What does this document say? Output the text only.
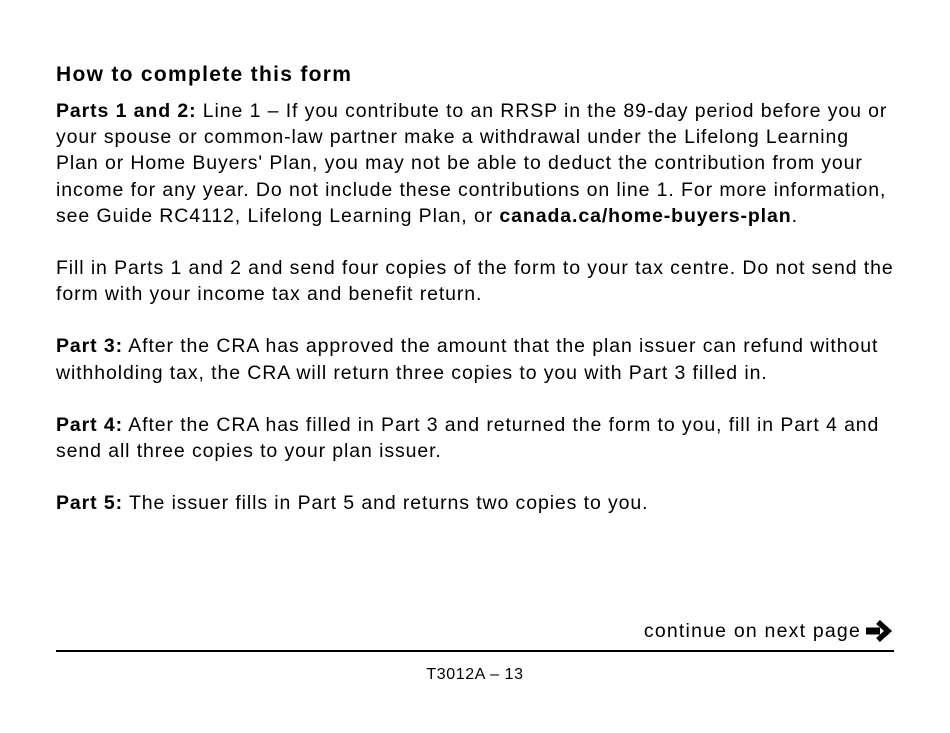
How to complete this form

Parts 1 and 2: Line 1 – If you contribute to an RRSP in the 89-day period before you or your spouse or common-law partner make a withdrawal under the Lifelong Learning Plan or Home Buyers' Plan, you may not be able to deduct the contribution from your income for any year. Do not include these contributions on line 1. For more information, see Guide RC4112, Lifelong Learning Plan, or canada.ca/home-buyers-plan.

Fill in Parts 1 and 2 and send four copies of the form to your tax centre. Do not send the form with your income tax and benefit return.

Part 3: After the CRA has approved the amount that the plan issuer can refund without withholding tax, the CRA will return three copies to you with Part 3 filled in.

Part 4: After the CRA has filled in Part 3 and returned the form to you, fill in Part 4 and send all three copies to your plan issuer.

Part 5: The issuer fills in Part 5 and returns two copies to you.

continue on next page
T3012A – 13
